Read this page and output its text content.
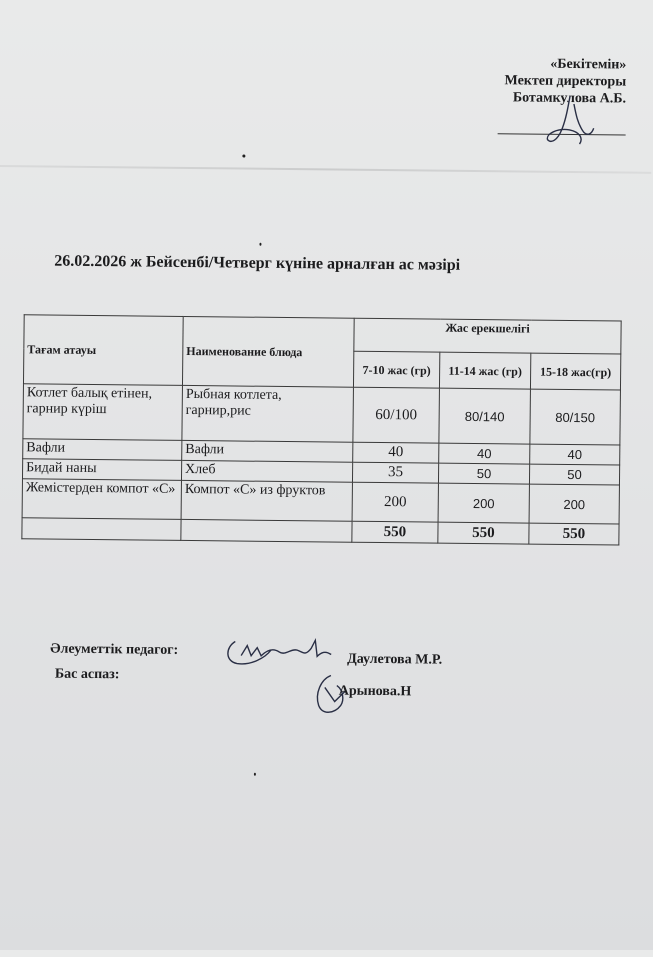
«Бекітемін»
Мектеп директоры
Ботамкулова А.Б.
26.02.2026 ж Бейсенбі/Четверг күніне арналған ас мәзірі
Тағам атауы	Наименование блюда	Жас ерекшелігі		
		7-10 жас (гр)	11-14 жас (гр)	15-18 жас(гр)
Котлет балық етінен, гарнир күріш	Рыбная котлета, гарнир,рис	60/100	80/140	80/150
Вафли	Вафли	40	40	40
Бидай наны	Хлеб	35	50	50
Жемістерден компот «С»	Компот «С» из фруктов	200	200	200
		550	550	550
Әлеуметтік педагог:
Даулетова М.Р.
Бас аспаз:
Арынова.Н
